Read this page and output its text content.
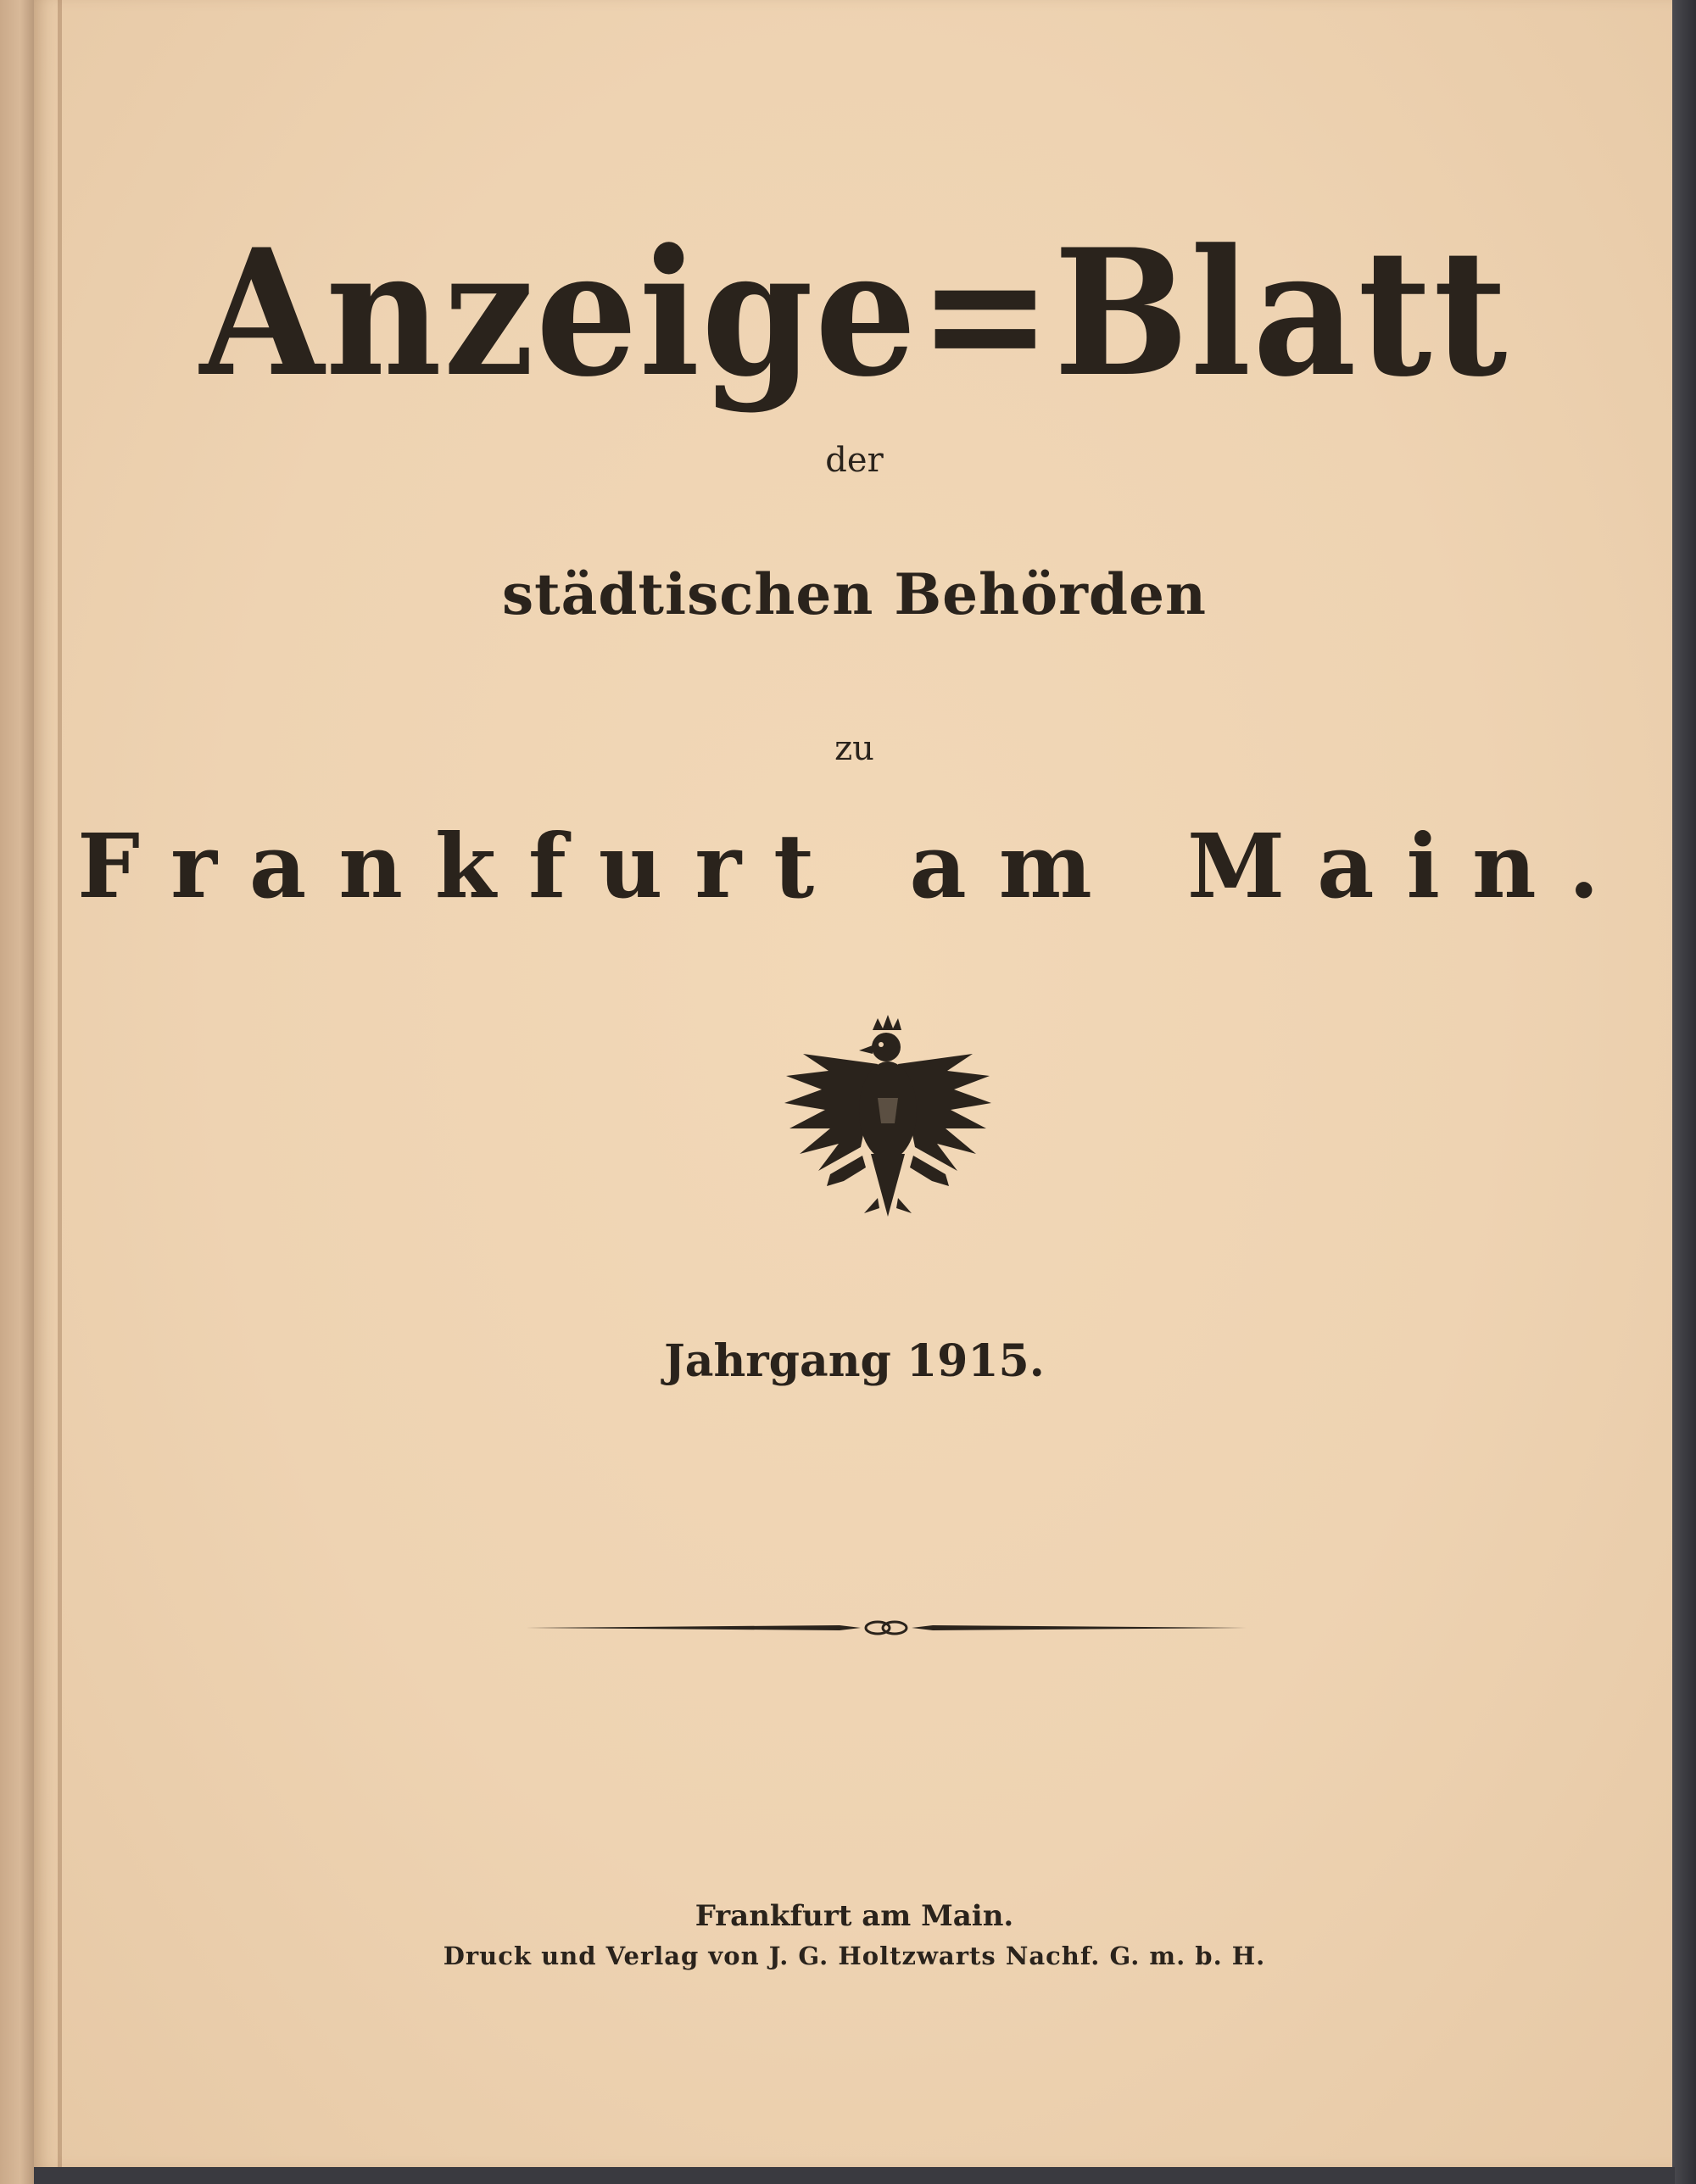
Anzeige=Blatt
der
städtischen Behörden
zu
Frankfurt am Main.
Jahrgang 1915.
Frankfurt am Main.
Druck und Verlag von J. G. Holtzwarts Nachf. G. m. b. H.
